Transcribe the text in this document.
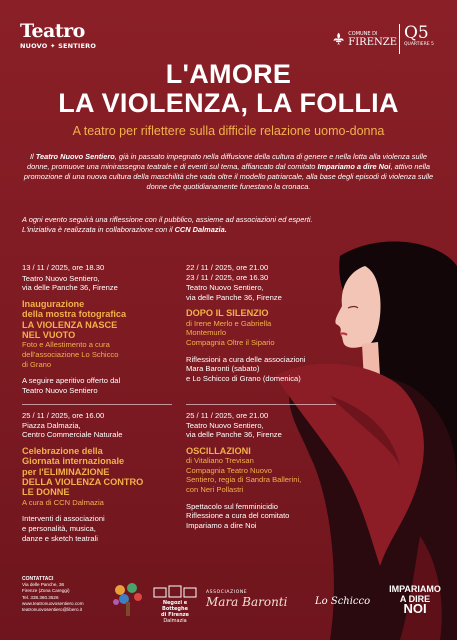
Teatro
NUOVO ✦ SENTIERO
COMUNE DI
FIRENZE Q5
QUARTIERE 5
L'AMORE
LA VIOLENZA, LA FOLLIA
A teatro per riflettere sulla difficile relazione uomo-donna
Il Teatro Nuovo Sentiero, già in passato impegnato nella diffusione della cultura di genere e nella lotta alla violenza sulle donne, promuove una minirassegna teatrale e di eventi sul tema, affiancato dal comitato Impariamo a dire Noi, attivo nella promozione di una nuova cultura della maschilità che vada oltre il modello patriarcale, alla base degli episodi di violenza sulle donne che quotidianamente funestano la cronaca.
A ogni evento seguirà una riflessione con il pubblico, assieme ad associazioni ed esperti. L'iniziativa è realizzata in collaborazione con il CCN Dalmazia.
13 / 11 / 2025, ore 18.30
Teatro Nuovo Sentiero,
via delle Panche 36, Firenze
Inaugurazione
della mostra fotografica
LA VIOLENZA NASCE
NEL VUOTO
Foto e Allestimento a cura
dell'associazione Lo Schicco
di Grano
A seguire aperitivo offerto dal
Teatro Nuovo Sentiero
22 / 11 / 2025, ore 21.00
23 / 11 / 2025, ore 16.30
Teatro Nuovo Sentiero,
via delle Panche 36, Firenze
DOPO IL SILENZIO
di Irene Merlo e Gabriella
Montemurlo
Compagnia Oltre il Sipario
Riflessioni a cura delle associazioni
Mara Baronti (sabato)
e Lo Schicco di Grano (domenica)
25 / 11 / 2025, ore 16.00
Piazza Dalmazia,
Centro Commerciale Naturale
Celebrazione della
Giornata internazionale
per l'ELIMINAZIONE
DELLA VIOLENZA CONTRO
LE DONNE
A cura di CCN Dalmazia
Interventi di associazioni
e personalità, musica,
danze e sketch teatrali
25 / 11 / 2025, ore 21.00
Teatro Nuovo Sentiero,
via delle Panche 36, Firenze
OSCILLAZIONI
di Vitaliano Trevisan
Compagnia Teatro Nuovo
Sentiero, regia di Sandra Ballerini,
con Neri Pollastri
Spettacolo sul femminicidio
Riflessione a cura del comitato
Impariamo a dire Noi
CONTATTACI
Via delle Panche, 36
Firenze (Zona Careggi)
Tel. 338.360.3526
www.teatronuovosentiero.com
teatronuovosentiero@libero.it
Negozi e Botteghe
di Firenze
Dalmazia
ASSOCIAZIONE
Mara Baronti	Lo Schicco
IMPARIAMO
A DIRE
NOI
